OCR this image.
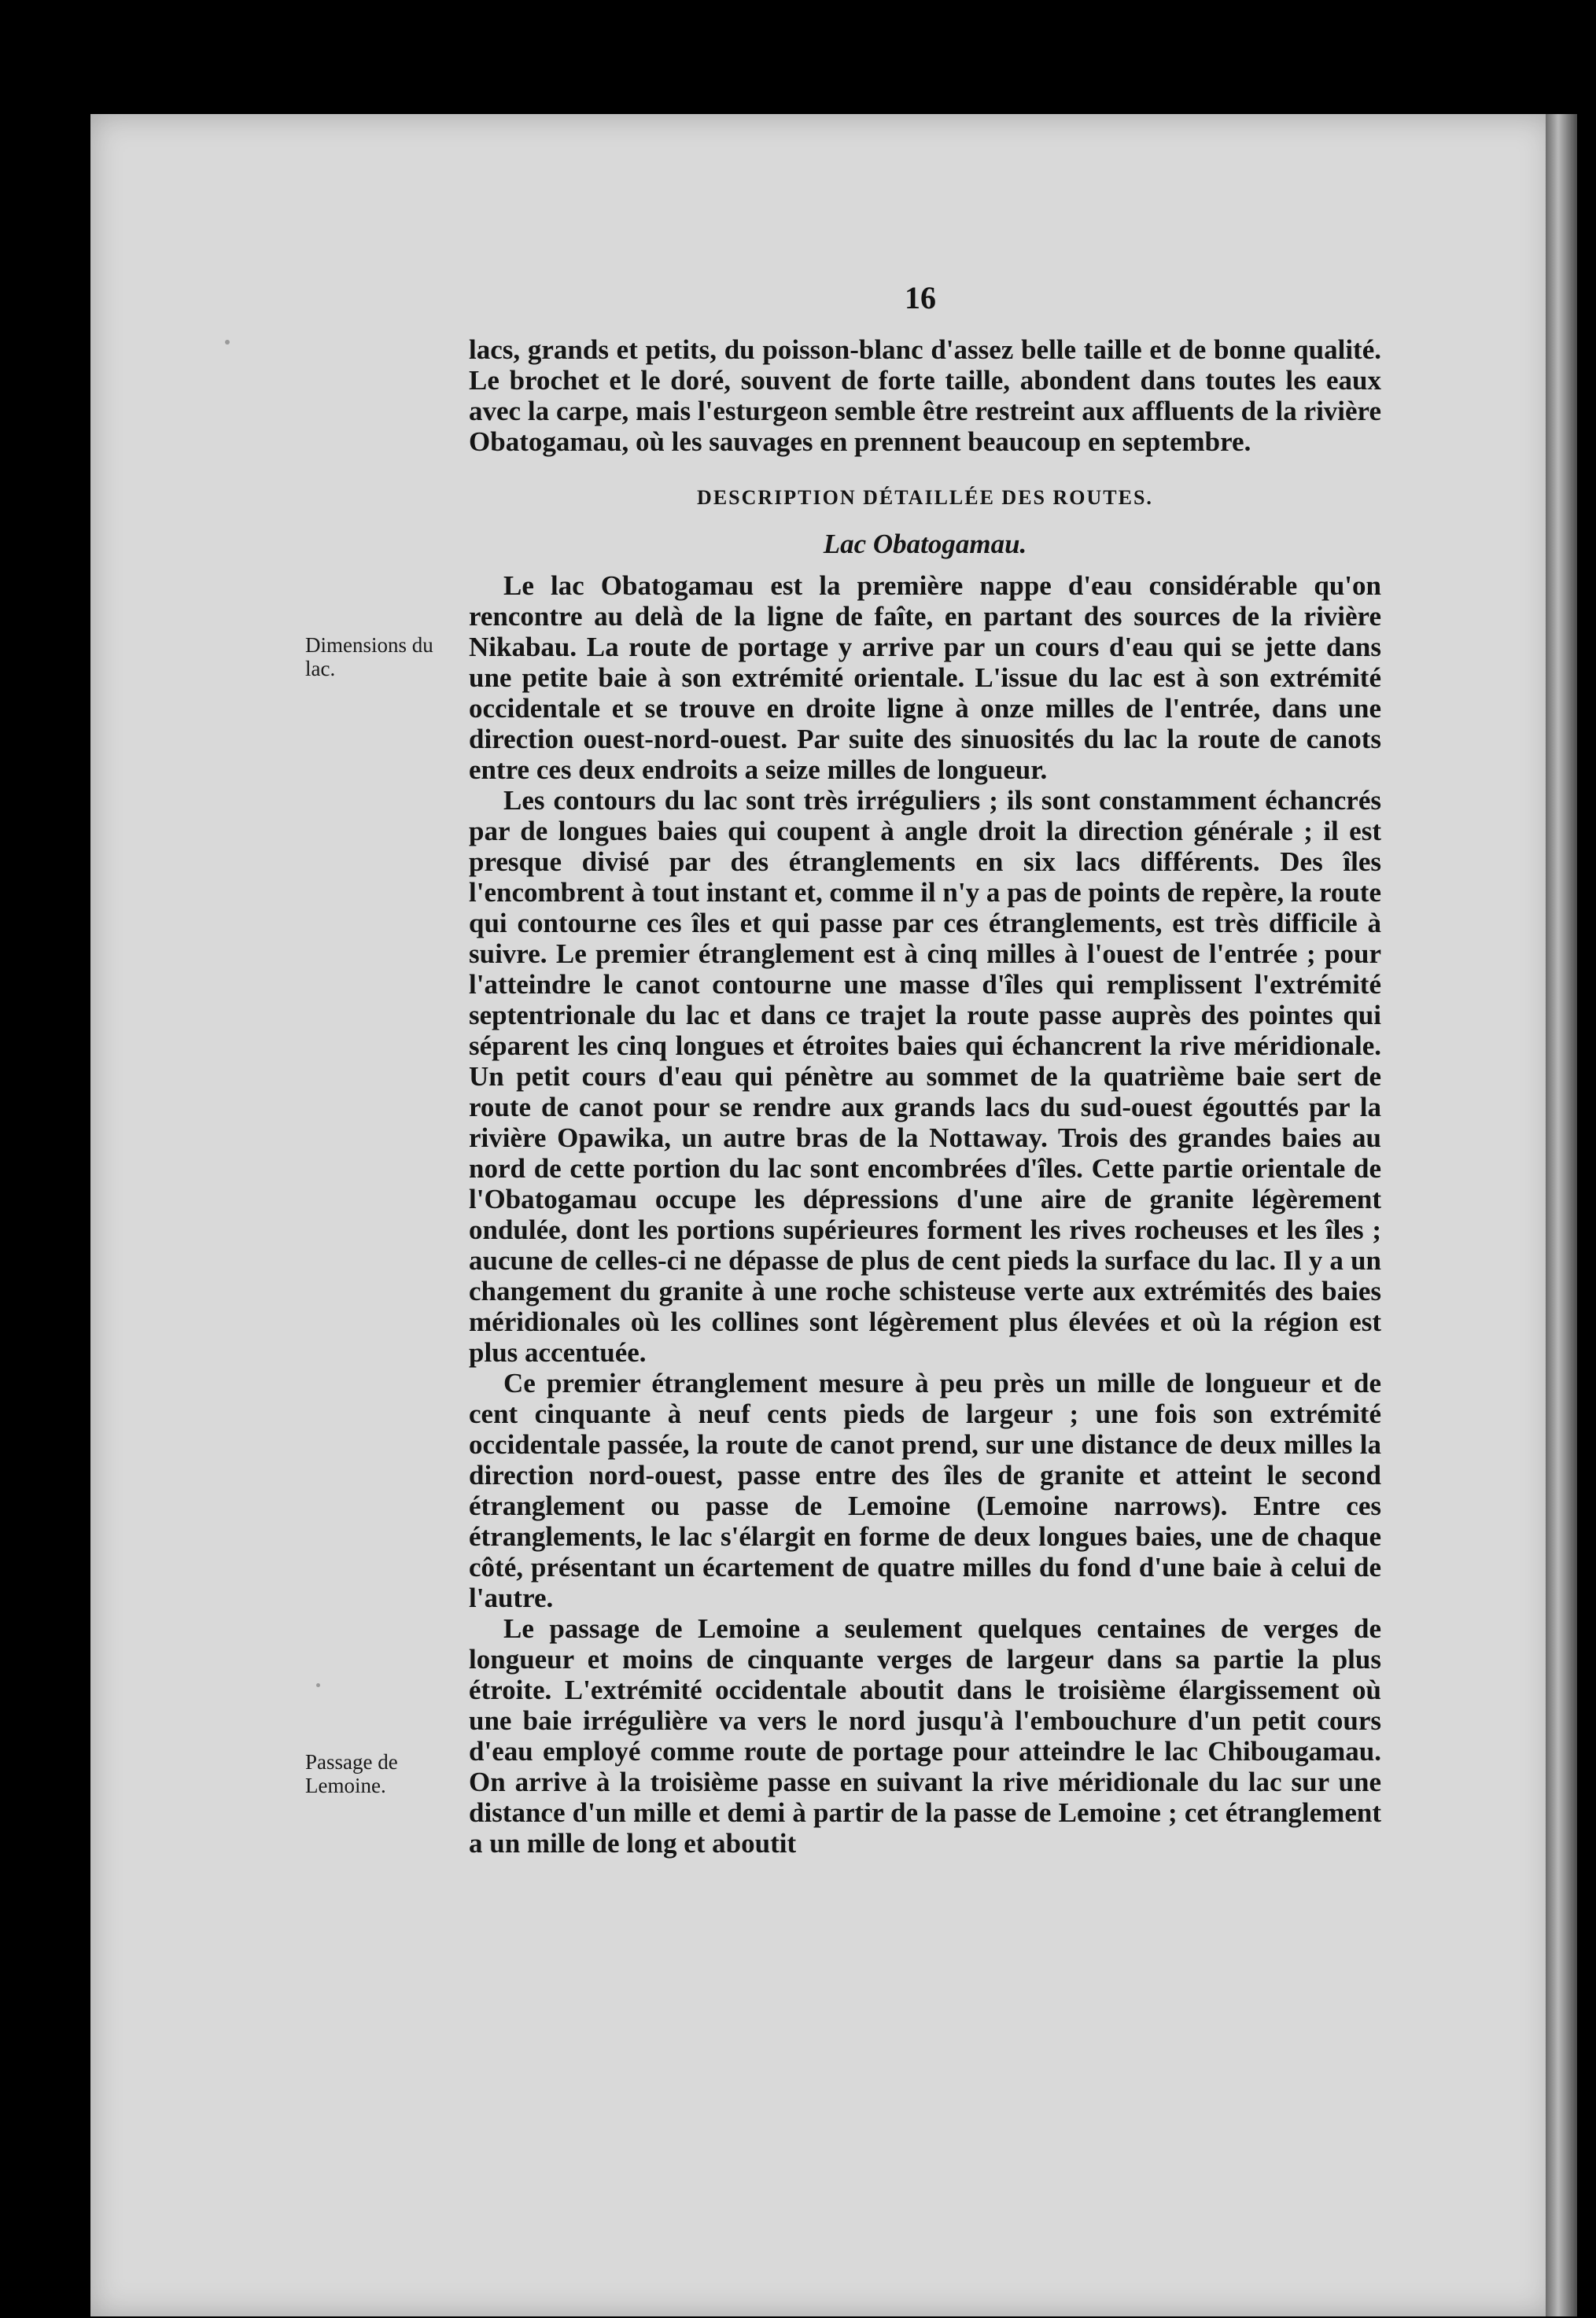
16
Dimensions du lac.
Passage de Lemoine.

lacs, grands et petits, du poisson-blanc d'assez belle taille et de bonne qualité. Le brochet et le doré, souvent de forte taille, abondent dans toutes les eaux avec la carpe, mais l'esturgeon semble être restreint aux affluents de la rivière Obatogamau, où les sauvages en prennent beaucoup en septembre.

DESCRIPTION DÉTAILLÉE DES ROUTES.

Lac Obatogamau.

Le lac Obatogamau est la première nappe d'eau considérable qu'on rencontre au delà de la ligne de faîte, en partant des sources de la rivière Nikabau. La route de portage y arrive par un cours d'eau qui se jette dans une petite baie à son extrémité orientale. L'issue du lac est à son extrémité occidentale et se trouve en droite ligne à onze milles de l'entrée, dans une direction ouest-nord-ouest. Par suite des sinuosités du lac la route de canots entre ces deux endroits a seize milles de longueur.

Les contours du lac sont très irréguliers ; ils sont constamment échancrés par de longues baies qui coupent à angle droit la direction générale ; il est presque divisé par des étranglements en six lacs différents. Des îles l'encombrent à tout instant et, comme il n'y a pas de points de repère, la route qui contourne ces îles et qui passe par ces étranglements, est très difficile à suivre. Le premier étranglement est à cinq milles à l'ouest de l'entrée ; pour l'atteindre le canot contourne une masse d'îles qui remplissent l'extrémité septentrionale du lac et dans ce trajet la route passe auprès des pointes qui séparent les cinq longues et étroites baies qui échancrent la rive méridionale. Un petit cours d'eau qui pénètre au sommet de la quatrième baie sert de route de canot pour se rendre aux grands lacs du sud-ouest égouttés par la rivière Opawika, un autre bras de la Nottaway. Trois des grandes baies au nord de cette portion du lac sont encombrées d'îles. Cette partie orientale de l'Obatogamau occupe les dépressions d'une aire de granite légèrement ondulée, dont les portions supérieures forment les rives rocheuses et les îles ; aucune de celles-ci ne dépasse de plus de cent pieds la surface du lac. Il y a un changement du granite à une roche schisteuse verte aux extrémités des baies méridionales où les collines sont légèrement plus élevées et où la région est plus accentuée.

Ce premier étranglement mesure à peu près un mille de longueur et de cent cinquante à neuf cents pieds de largeur ; une fois son extrémité occidentale passée, la route de canot prend, sur une distance de deux milles la direction nord-ouest, passe entre des îles de granite et atteint le second étranglement ou passe de Lemoine (Lemoine narrows). Entre ces étranglements, le lac s'élargit en forme de deux longues baies, une de chaque côté, présentant un écartement de quatre milles du fond d'une baie à celui de l'autre.

Le passage de Lemoine a seulement quelques centaines de verges de longueur et moins de cinquante verges de largeur dans sa partie la plus étroite. L'extrémité occidentale aboutit dans le troisième élargissement où une baie irrégulière va vers le nord jusqu'à l'embouchure d'un petit cours d'eau employé comme route de portage pour atteindre le lac Chibougamau. On arrive à la troisième passe en suivant la rive méridionale du lac sur une distance d'un mille et demi à partir de la passe de Lemoine ; cet étranglement a un mille de long et aboutit
